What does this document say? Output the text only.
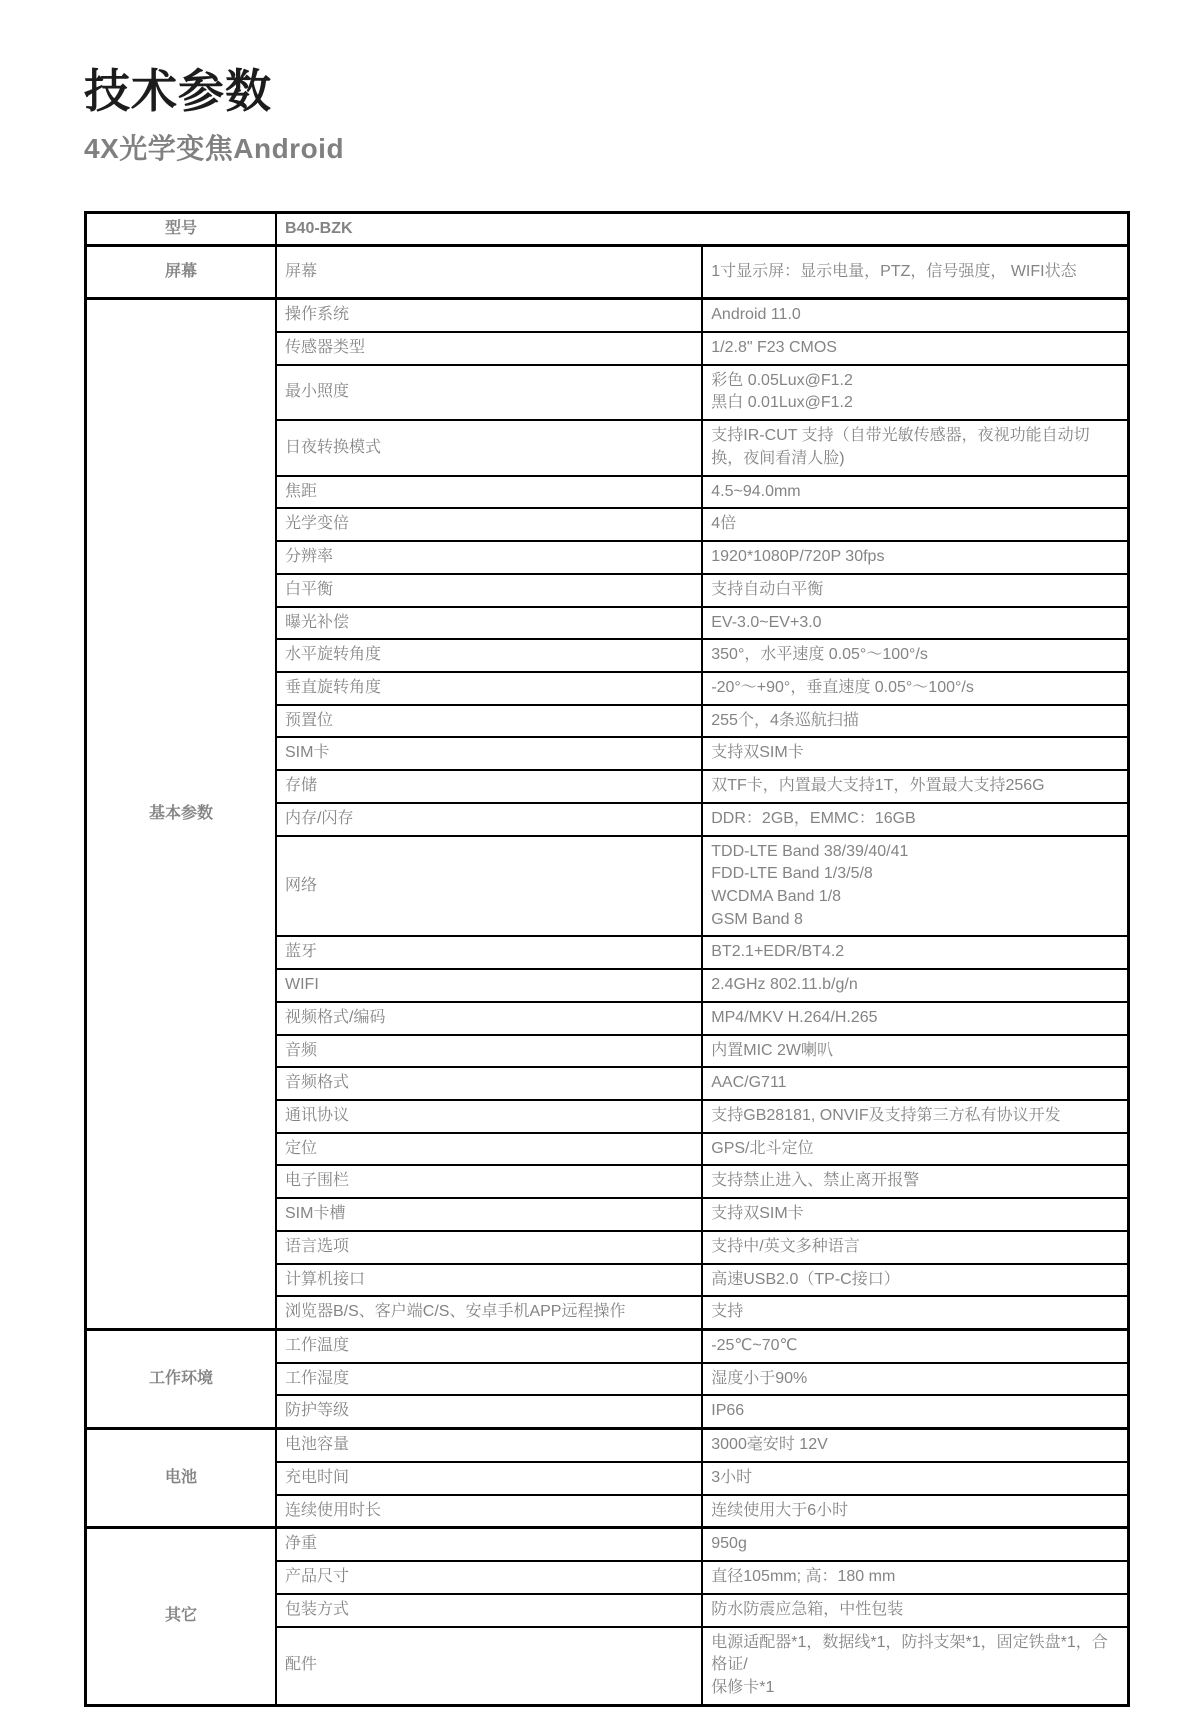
技术参数
4X光学变焦Android
型号	B40-BZK	
屏幕	屏幕	1寸显示屏：显示电量，PTZ，信号强度， WIFI状态
基本参数	操作系统	Android 11.0
	传感器类型	1/2.8" F23 CMOS
	最小照度	彩色 0.05Lux@F1.2
黑白 0.01Lux@F1.2
	日夜转换模式	支持IR-CUT 支持（自带光敏传感器，夜视功能自动切换，夜间看清人脸)
	焦距	4.5~94.0mm
	光学变倍	4倍
	分辨率	1920*1080P/720P 30fps
	白平衡	支持自动白平衡
	曝光补偿	EV-3.0~EV+3.0
	水平旋转角度	350°，水平速度 0.05°～100°/s
	垂直旋转角度	-20°～+90°，垂直速度 0.05°～100°/s
	预置位	255个，4条巡航扫描
	SIM卡	支持双SIM卡
	存储	双TF卡，内置最大支持1T，外置最大支持256G
	内存/闪存	DDR：2GB，EMMC：16GB
	网络	TDD-LTE Band 38/39/40/41
FDD-LTE Band 1/3/5/8
WCDMA Band 1/8
GSM Band 8
	蓝牙	BT2.1+EDR/BT4.2
	WIFI	2.4GHz 802.11.b/g/n
	视频格式/编码	MP4/MKV H.264/H.265
	音频	内置MIC 2W喇叭
	音频格式	AAC/G711
	通讯协议	支持GB28181, ONVIF及支持第三方私有协议开发
	定位	GPS/北斗定位
	电子围栏	支持禁止进入、禁止离开报警
	SIM卡槽	支持双SIM卡
	语言选项	支持中/英文多种语言
	计算机接口	高速USB2.0（TP-C接口）
	浏览器B/S、客户端C/S、安卓手机APP远程操作	支持
工作环境	工作温度	-25℃~70℃
	工作湿度	湿度小于90%
	防护等级	IP66
电池	电池容量	3000毫安时 12V
	充电时间	3小时
	连续使用时长	连续使用大于6小时
其它	净重	950g
	产品尺寸	直径105mm; 高：180 mm
	包装方式	防水防震应急箱，中性包装
	配件	电源适配器*1，数据线*1，防抖支架*1，固定铁盘*1，合格证/
保修卡*1
